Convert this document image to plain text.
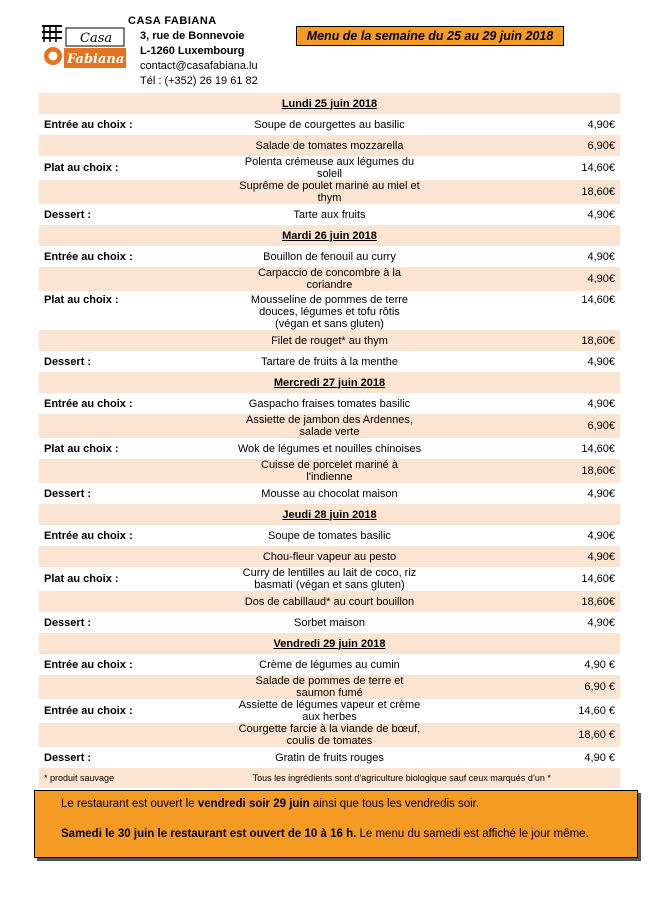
Casa
Fabiana
CASA FABIANA
3, rue de Bonnevoie
L-1260 Luxembourg
contact@casafabiana.lu
Tél : (+352) 26 19 61 82
Menu de la semaine du 25 au 29 juin 2018
Lundi 25 juin 2018		
Entrée au choix :	Soupe de courgettes au basilic	4,90€

	Salade de tomates mozzarella	6,90€
Plat au choix :	Polenta crémeuse aux légumes du soleil	14,60€

	Suprême de poulet mariné au miel et thym	18,60€
Dessert :	Tarte aux fruits	4,90€
Mardi 26 juin 2018		
Entrée au choix :	Bouillon de fenouil au curry	4,90€

	Carpaccio de concombre à la coriandre	4,90€
Plat au choix :	Mousseline de pommes de terre douces, légumes et tofu rôtis
(végan et sans gluten)	14,60€

	Filet de rouget* au thym	18,60€
Dessert :	Tartare de fruits à la menthe	4,90€
Mercredi 27 juin 2018		
Entrée au choix :	Gaspacho fraises tomates basilic	4,90€

	Assiette de jambon des Ardennes, salade verte	6,90€
Plat au choix :	Wok de légumes et nouilles chinoises	14,60€

	Cuisse de porcelet mariné à l'indienne	18,60€
Dessert :	Mousse au chocolat maison	4,90€
Jeudi 28 juin 2018		
Entrée au choix :	Soupe de tomates basilic	4,90€

	Chou-fleur vapeur au pesto	4,90€
Plat au choix :	Curry de lentilles au lait de coco, riz basmati (végan et sans gluten)	14,60€

	Dos de cabillaud* au court bouillon	18,60€
Dessert :	Sorbet maison	4,90€
Vendredi 29 juin 2018		
Entrée au choix :	Crème de légumes au cumin	4,90 €

	Salade de pommes de terre et saumon fumé	6,90 €
Entrée au choix :	Assiette de légumes vapeur et crème aux herbes	14,60 €

	Courgette farcie à la viande de bœuf, coulis de tomates	18,60 €
Dessert :	Gratin de fruits rouges	4,90 €
* produit sauvage	Tous les ingrédients sont d’agriculture biologique sauf ceux marqués d’un *	

Le restaurant est ouvert le vendredi soir 29 juin ainsi que tous les vendredis soir.

Samedi le 30 juin le restaurant est ouvert de 10 à 16 h. Le menu du samedi est affiché le jour même.
